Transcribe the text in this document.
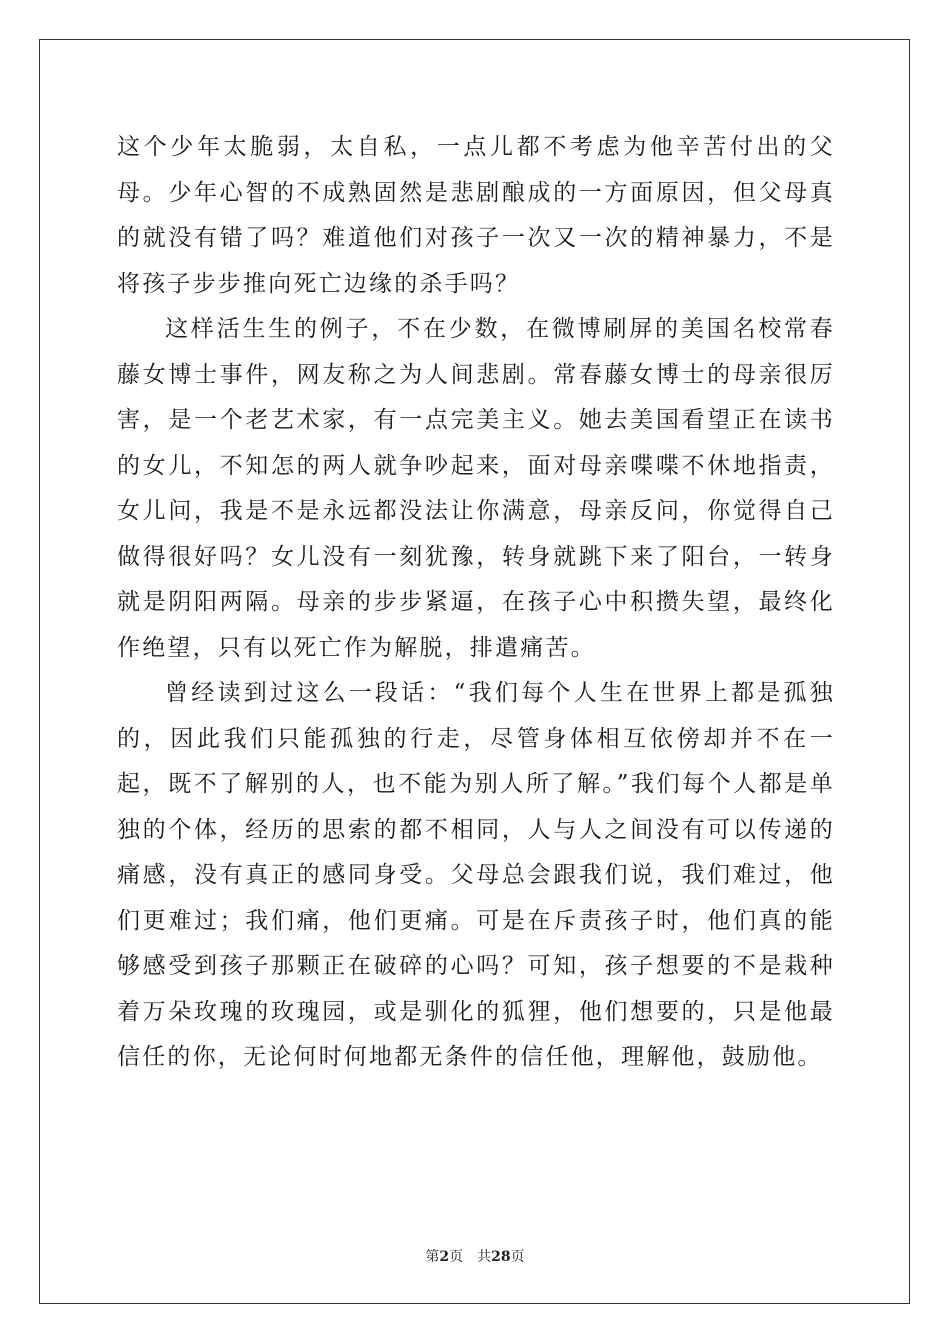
这个少年太脆弱，太自私，一点儿都不考虑为他辛苦付出的父母。少年心智的不成熟固然是悲剧酿成的一方面原因，但父母真的就没有错了吗？难道他们对孩子一次又一次的精神暴力，不是将孩子步步推向死亡边缘的杀手吗？

这样活生生的例子，不在少数，在微博刷屏的美国名校常春藤女博士事件，网友称之为人间悲剧。常春藤女博士的母亲很厉害，是一个老艺术家，有一点完美主义。她去美国看望正在读书的女儿，不知怎的两人就争吵起来，面对母亲喋喋不休地指责，女儿问，我是不是永远都没法让你满意，母亲反问，你觉得自己做得很好吗？女儿没有一刻犹豫，转身就跳下来了阳台，一转身就是阴阳两隔。母亲的步步紧逼，在孩子心中积攒失望，最终化作绝望，只有以死亡作为解脱，排遣痛苦。

曾经读到过这么一段话：“我们每个人生在世界上都是孤独的，因此我们只能孤独的行走，尽管身体相互依傍却并不在一起，既不了解别的人，也不能为别人所了解。”我们每个人都是单独的个体，经历的思索的都不相同，人与人之间没有可以传递的痛感，没有真正的感同身受。父母总会跟我们说，我们难过，他们更难过；我们痛，他们更痛。可是在斥责孩子时，他们真的能够感受到孩子那颗正在破碎的心吗？可知，孩子想要的不是栽种着万朵玫瑰的玫瑰园，或是驯化的狐狸，他们想要的，只是他最信任的你，无论何时何地都无条件的信任他，理解他，鼓励他。

第2页 共28页
